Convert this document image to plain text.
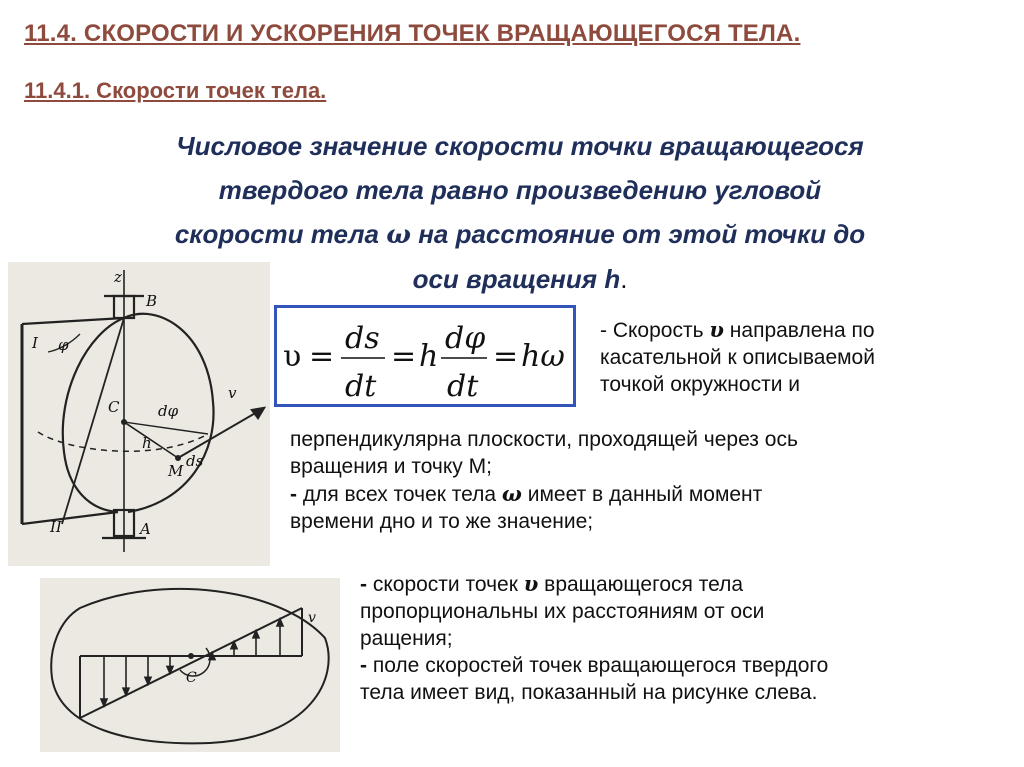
11.4. СКОРОСТИ И УСКОРЕНИЯ ТОЧЕК ВРАЩАЮЩЕГОСЯ ТЕЛА.
11.4.1. Скорости точек тела.
Числовое значение скорости точки вращающегося
твердого тела равно произведению угловой
скорости тела ω на расстояние от этой точки до
оси вращения h.
υ =
ds
dt
= h
dφ
dt
= hω
- Скорость υ направлена по
касательной к описываемой
точкой окружности и
перпендикулярна плоскости, проходящей через ось
вращения и точку М;
- для всех точек тела ω имеет в данный момент
времени дно и то же значение;
- скорости точек υ вращающегося тела
пропорциональны их расстояниям от оси
ращения;
- поле скоростей точек вращающегося твердого
тела имеет вид, показанный на рисунке слева.
z
B
A
C
M
I
II
φ
dφ
h
ds
v
C
v
